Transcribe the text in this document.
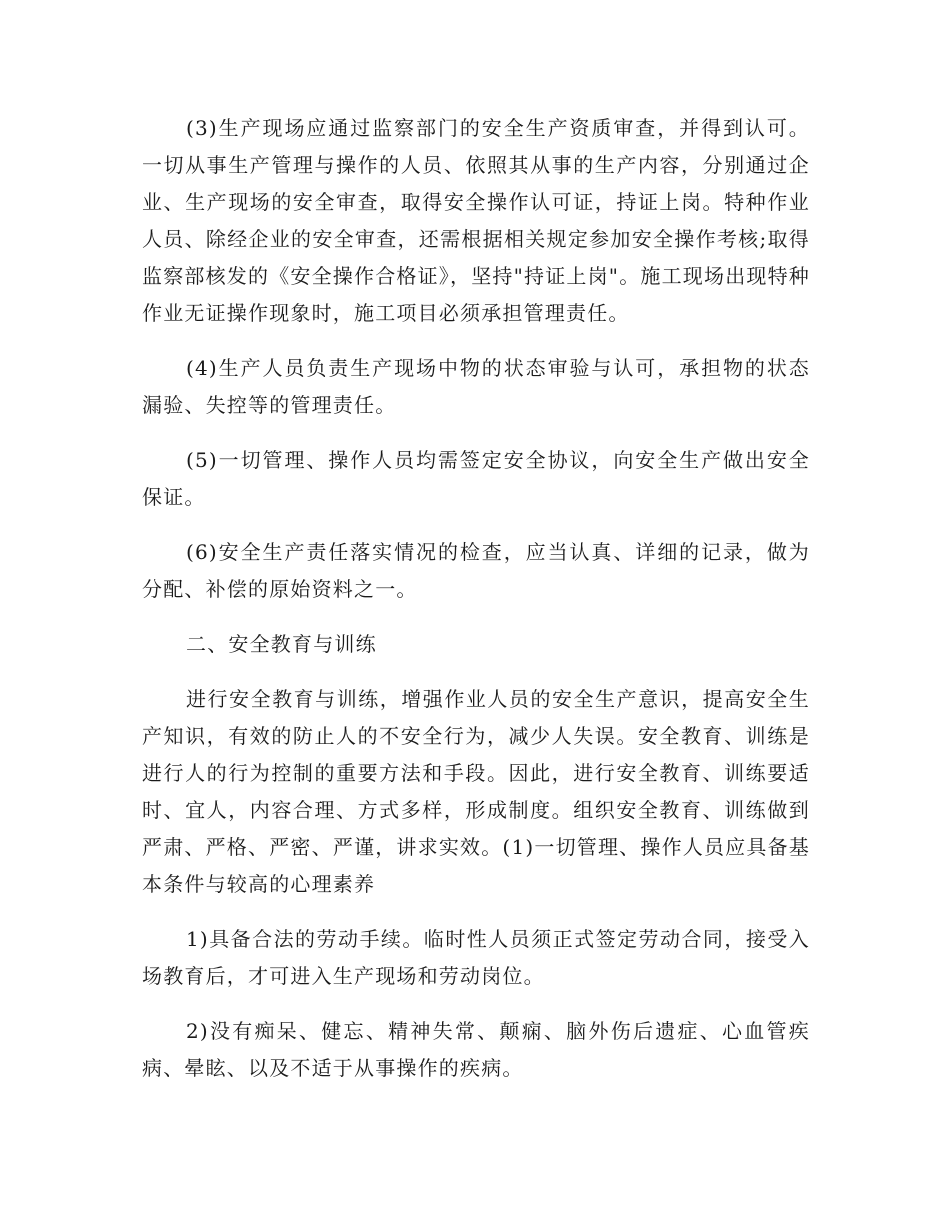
(3)生产现场应通过监察部门的安全生产资质审查，并得到认可。一切从事生产管理与操作的人员、依照其从事的生产内容，分别通过企业、生产现场的安全审查，取得安全操作认可证，持证上岗。特种作业人员、除经企业的安全审查，还需根据相关规定参加安全操作考核;取得监察部核发的《安全操作合格证》，坚持"持证上岗"。施工现场出现特种作业无证操作现象时，施工项目必须承担管理责任。

(4)生产人员负责生产现场中物的状态审验与认可，承担物的状态漏验、失控等的管理责任。

(5)一切管理、操作人员均需签定安全协议，向安全生产做出安全保证。

(6)安全生产责任落实情况的检查，应当认真、详细的记录，做为分配、补偿的原始资料之一。

二、安全教育与训练

进行安全教育与训练，增强作业人员的安全生产意识，提高安全生产知识，有效的防止人的不安全行为，减少人失误。安全教育、训练是进行人的行为控制的重要方法和手段。因此，进行安全教育、训练要适时、宜人，内容合理、方式多样，形成制度。组织安全教育、训练做到严肃、严格、严密、严谨，讲求实效。(1)一切管理、操作人员应具备基本条件与较高的心理素养

1)具备合法的劳动手续。临时性人员须正式签定劳动合同，接受入场教育后，才可进入生产现场和劳动岗位。

2)没有痴呆、健忘、精神失常、颠痫、脑外伤后遗症、心血管疾病、晕眩、以及不适于从事操作的疾病。
